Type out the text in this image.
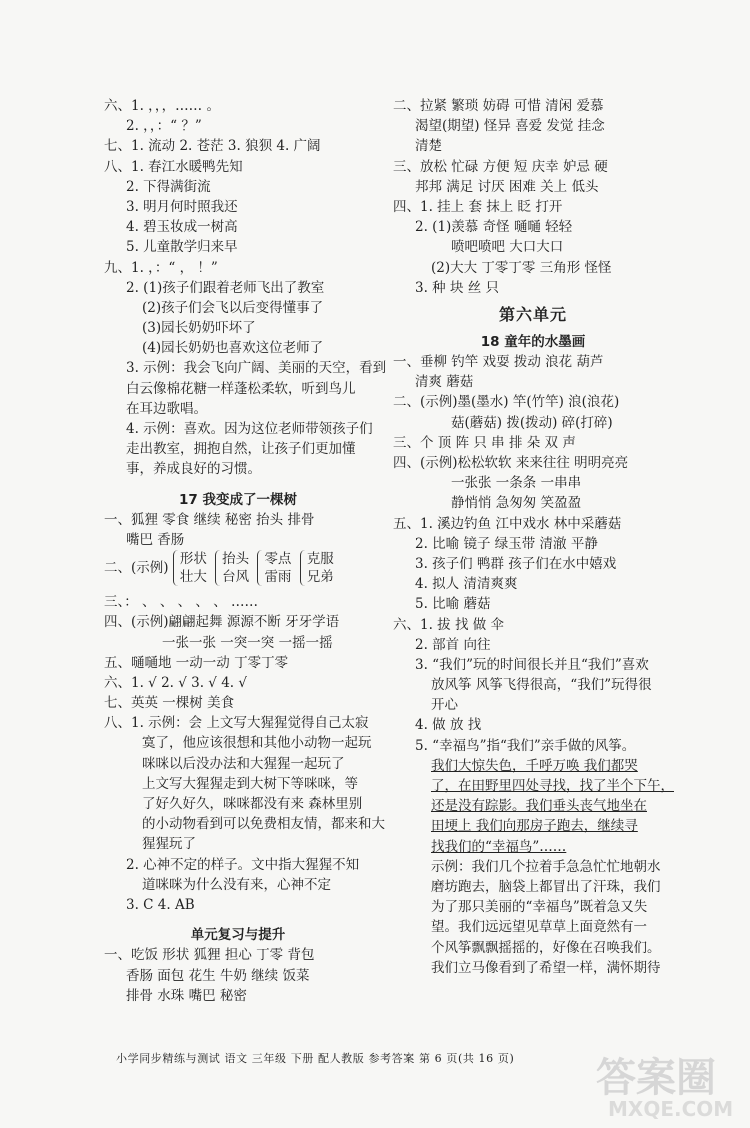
六、1. ，，，…… 。
2. ，，：“ ？”
七、1. 流动 2. 苍茫 3. 狼狈 4. 广阔
八、1. 春江水暖鸭先知
2. 下得满街流
3. 明月何时照我还
4. 碧玉妆成一树高
5. 儿童散学归来早
九、1. ，：“ ， ！”
2. (1)孩子们跟着老师飞出了教室
(2)孩子们会飞以后变得懂事了
(3)园长奶奶吓坏了
(4)园长奶奶也喜欢这位老师了
3. 示例：我会飞向广阔、美丽的天空，看到
白云像棉花糖一样蓬松柔软，听到鸟儿
在耳边歌唱。
4. 示例：喜欢。因为这位老师带领孩子们
走出教室，拥抱自然，让孩子们更加懂
事，养成良好的习惯。
17 我变成了一棵树
一、狐狸 零食 继续 秘密 抬头 排骨
嘴巴 香肠
二、(示例)
形状
壮大

抬头
台风

零点
雷雨

克服
兄弟
三、： 、 、 、 、 、 ……
四、(示例)翩翩起舞 源源不断 牙牙学语
一张一张 一突一突 一摇一摇
五、嗵嗵地 一动一动 丁零丁零
六、1. √ 2. √ 3. √ 4. √
七、英英 一棵树 美食
八、1. 示例：会 上文写大猩猩觉得自己太寂
寞了，他应该很想和其他小动物一起玩
咪咪以后没办法和大猩猩一起玩了
上文写大猩猩走到大树下等咪咪，等
了好久好久，咪咪都没有来 森林里别
的小动物看到可以免费相友情，都来和大
猩猩玩了
2. 心神不定的样子。文中指大猩猩不知
道咪咪为什么没有来，心神不定
3. C 4. AB
单元复习与提升
一、吃饭 形状 狐狸 担心 丁零 背包
香肠 面包 花生 牛奶 继续 饭菜
排骨 水珠 嘴巴 秘密
二、拉紧 繁琐 妨碍 可惜 清闲 爱慕
渴望(期望) 怪异 喜爱 发觉 挂念
清楚
三、放松 忙碌 方便 短 庆幸 妒忌 硬
邦邦 满足 讨厌 困难 关上 低头
四、1. 挂上 套 抹上 眨 打开
2. (1)羡慕 奇怪 嗵嗵 轻轻
喷吧喷吧 大口大口
(2)大大 丁零丁零 三角形 怪怪
3. 种 块 丝 只
第六单元
18 童年的水墨画
一、垂柳 钓竿 戏耍 拨动 浪花 葫芦
清爽 蘑菇
二、(示例)墨(墨水) 竿(竹竿) 浪(浪花)
菇(蘑菇) 拨(拨动) 碎(打碎)
三、个 顶 阵 只 串 排 朵 双 声
四、(示例)松松软软 来来往往 明明亮亮
一张张 一条条 一串串
静悄悄 急匆匆 笑盈盈
五、1. 溪边钓鱼 江中戏水 林中采蘑菇
2. 比喻 镜子 绿玉带 清澈 平静
3. 孩子们 鸭群 孩子们在水中嬉戏
4. 拟人 清清爽爽
5. 比喻 蘑菇
六、1. 拔 找 做 伞
2. 部首 向往
3. “我们”玩的时间很长并且“我们”喜欢
放风筝 风筝飞得很高，“我们”玩得很
开心
4. 做 放 找
5. “幸福鸟”指“我们”亲手做的风筝。
我们大惊失色，千呼万唤 我们都哭
了，在田野里四处寻找，找了半个下午，
还是没有踪影。我们垂头丧气地坐在
田埂上 我们向那房子跑去，继续寻
找我们的“幸福鸟”……
示例：我们几个拉着手急急忙忙地朝水
磨坊跑去，脑袋上都冒出了汗珠，我们
为了那只美丽的“幸福鸟”既着急又失
望。我们远远望见草草上面竟然有一
个风筝飘飘摇摇的，好像在召唤我们。
我们立马像看到了希望一样，满怀期待
小学同步精练与测试 语文 三年级 下册 配人教版 参考答案 第 6 页(共 16 页) 答案圈
MXQE.COM
